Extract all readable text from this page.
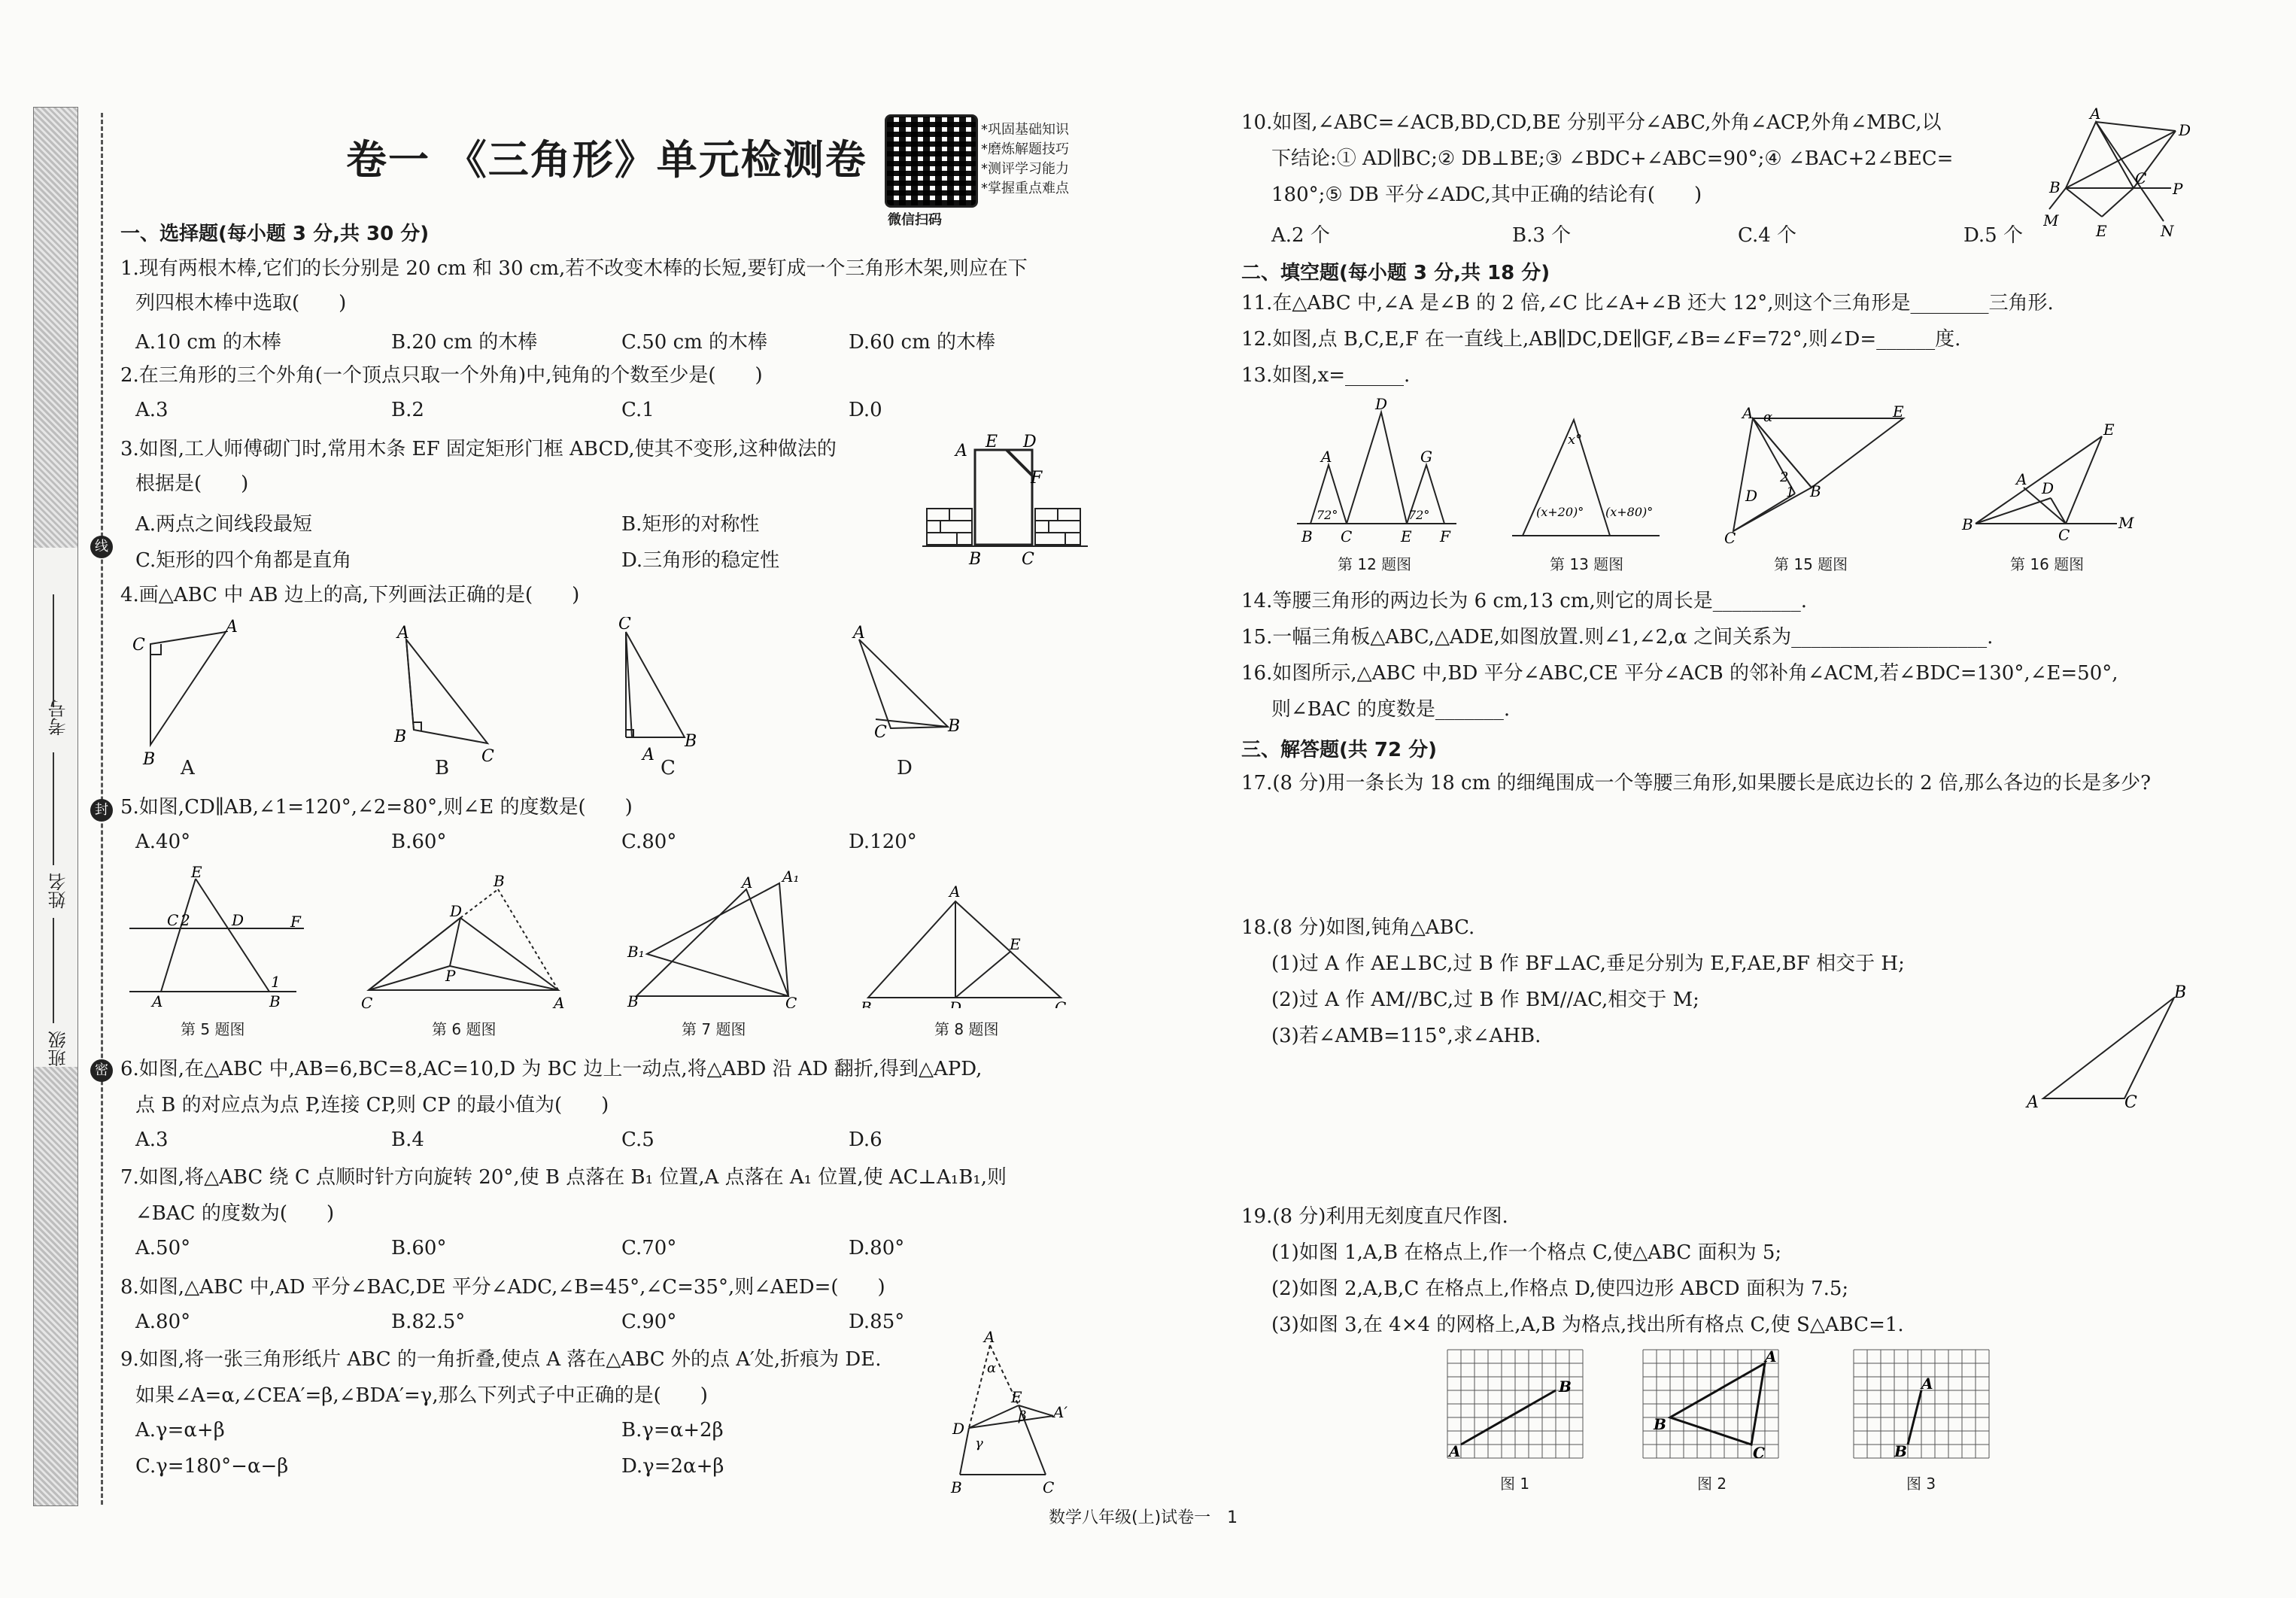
考号
姓名
班级
线
封
密
卷一 《三角形》单元检测卷
微信扫码
*巩固基础知识
*磨炼解题技巧
*测评学习能力
*掌握重点难点
一、选择题(每小题 3 分,共 30 分)
1.现有两根木棒,它们的长分别是 20 cm 和 30 cm,若不改变木棒的长短,要钉成一个三角形木架,则应在下
列四根木棒中选取(　　)
A.10 cm 的木棒	B.20 cm 的木棒	C.50 cm 的木棒	D.60 cm 的木棒
2.在三角形的三个外角(一个顶点只取一个外角)中,钝角的个数至少是(　　)
A.3	B.2	C.1	D.0
3.如图,工人师傅砌门时,常用木条 EF 固定矩形门框 ABCD,使其不变形,这种做法的
根据是(　　)
A.两点之间线段最短	B.矩形的对称性
C.矩形的四个角都是直角	D.三角形的稳定性
A E D
F
B C
4.画△ABC 中 AB 边上的高,下列画法正确的是(　　)
C
A
B A
A
B
C
B
C
A
B
C
A
C	B
D
5.如图,CD∥AB,∠1=120°,∠2=80°,则∠E 的度数是(　　)
A.40°	B.60°	C.80°	D.120°
E
C 2	D	F
A	B
1
第 5 题图
D
B
P
C	A
第 6 题图
A A₁
B₁
B	C
第 7 题图
A
E
B	D	C
第 8 题图
6.如图,在△ABC 中,AB=6,BC=8,AC=10,D 为 BC 边上一动点,将△ABD 沿 AD 翻折,得到△APD,
点 B 的对应点为点 P,连接 CP,则 CP 的最小值为(　　)
A.3	B.4	C.5	D.6
7.如图,将△ABC 绕 C 点顺时针方向旋转 20°,使 B 点落在 B₁ 位置,A 点落在 A₁ 位置,使 AC⊥A₁B₁,则
∠BAC 的度数为(　　)
A.50°	B.60°	C.70°	D.80°
8.如图,△ABC 中,AD 平分∠BAC,DE 平分∠ADC,∠B=45°,∠C=35°,则∠AED=(　　)
A.80°	B.82.5°	C.90°	D.85°
9.如图,将一张三角形纸片 ABC 的一角折叠,使点 A 落在△ABC 外的点 A′处,折痕为 DE.
如果∠A=α,∠CEA′=β,∠BDA′=γ,那么下列式子中正确的是(　　)
A.γ=α+β	B.γ=α+2β
C.γ=180°−α−β	D.γ=2α+β
A
α
A′
E
β
D
γ
B	C
10.如图,∠ABC=∠ACB,BD,CD,BE 分别平分∠ABC,外角∠ACP,外角∠MBC,以
下结论:① AD∥BC;② DB⊥BE;③ ∠BDC+∠ABC=90°;④ ∠BAC+2∠BEC=
180°;⑤ DB 平分∠ADC,其中正确的结论有(　　)
A.2 个	B.3 个	C.4 个	D.5 个
A
D
B	C
P
M
E	N
二、填空题(每小题 3 分,共 18 分)
11.在△ABC 中,∠A 是∠B 的 2 倍,∠C 比∠A+∠B 还大 12°,则这个三角形是________三角形.
12.如图,点 B,C,E,F 在一直线上,AB∥DC,DE∥GF,∠B=∠F=72°,则∠D=______度.
13.如图,x=______.
A
D
G
72°	72°
B C	E F
第 12 题图
(x+20)° (x+80)°
x°
第 13 题图
A α	E
2
1
D	B
C
第 15 题图
A D
E
B
C
M
第 16 题图
14.等腰三角形的两边长为 6 cm,13 cm,则它的周长是_________.
15.一幅三角板△ABC,△ADE,如图放置.则∠1,∠2,α 之间关系为____________________.
16.如图所示,△ABC 中,BD 平分∠ABC,CE 平分∠ACB 的邻补角∠ACM,若∠BDC=130°,∠E=50°,
则∠BAC 的度数是_______.
三、解答题(共 72 分)
17.(8 分)用一条长为 18 cm 的细绳围成一个等腰三角形,如果腰长是底边长的 2 倍,那么各边的长是多少?
18.(8 分)如图,钝角△ABC.
(1)过 A 作 AE⊥BC,过 B 作 BF⊥AC,垂足分别为 E,F,AE,BF 相交于 H;
(2)过 A 作 AM//BC,过 B 作 BM//AC,相交于 M;
(3)若∠AMB=115°,求∠AHB.
B
A	C
19.(8 分)利用无刻度直尺作图.
(1)如图 1,A,B 在格点上,作一个格点 C,使△ABC 面积为 5;
(2)如图 2,A,B,C 在格点上,作格点 D,使四边形 ABCD 面积为 7.5;
(3)如图 3,在 4×4 的网格上,A,B 为格点,找出所有格点 C,使 S△ABC=1.
A
B
图 1
A
B
C
图 2
A
B
图 3
数学八年级(上)试卷一　1
